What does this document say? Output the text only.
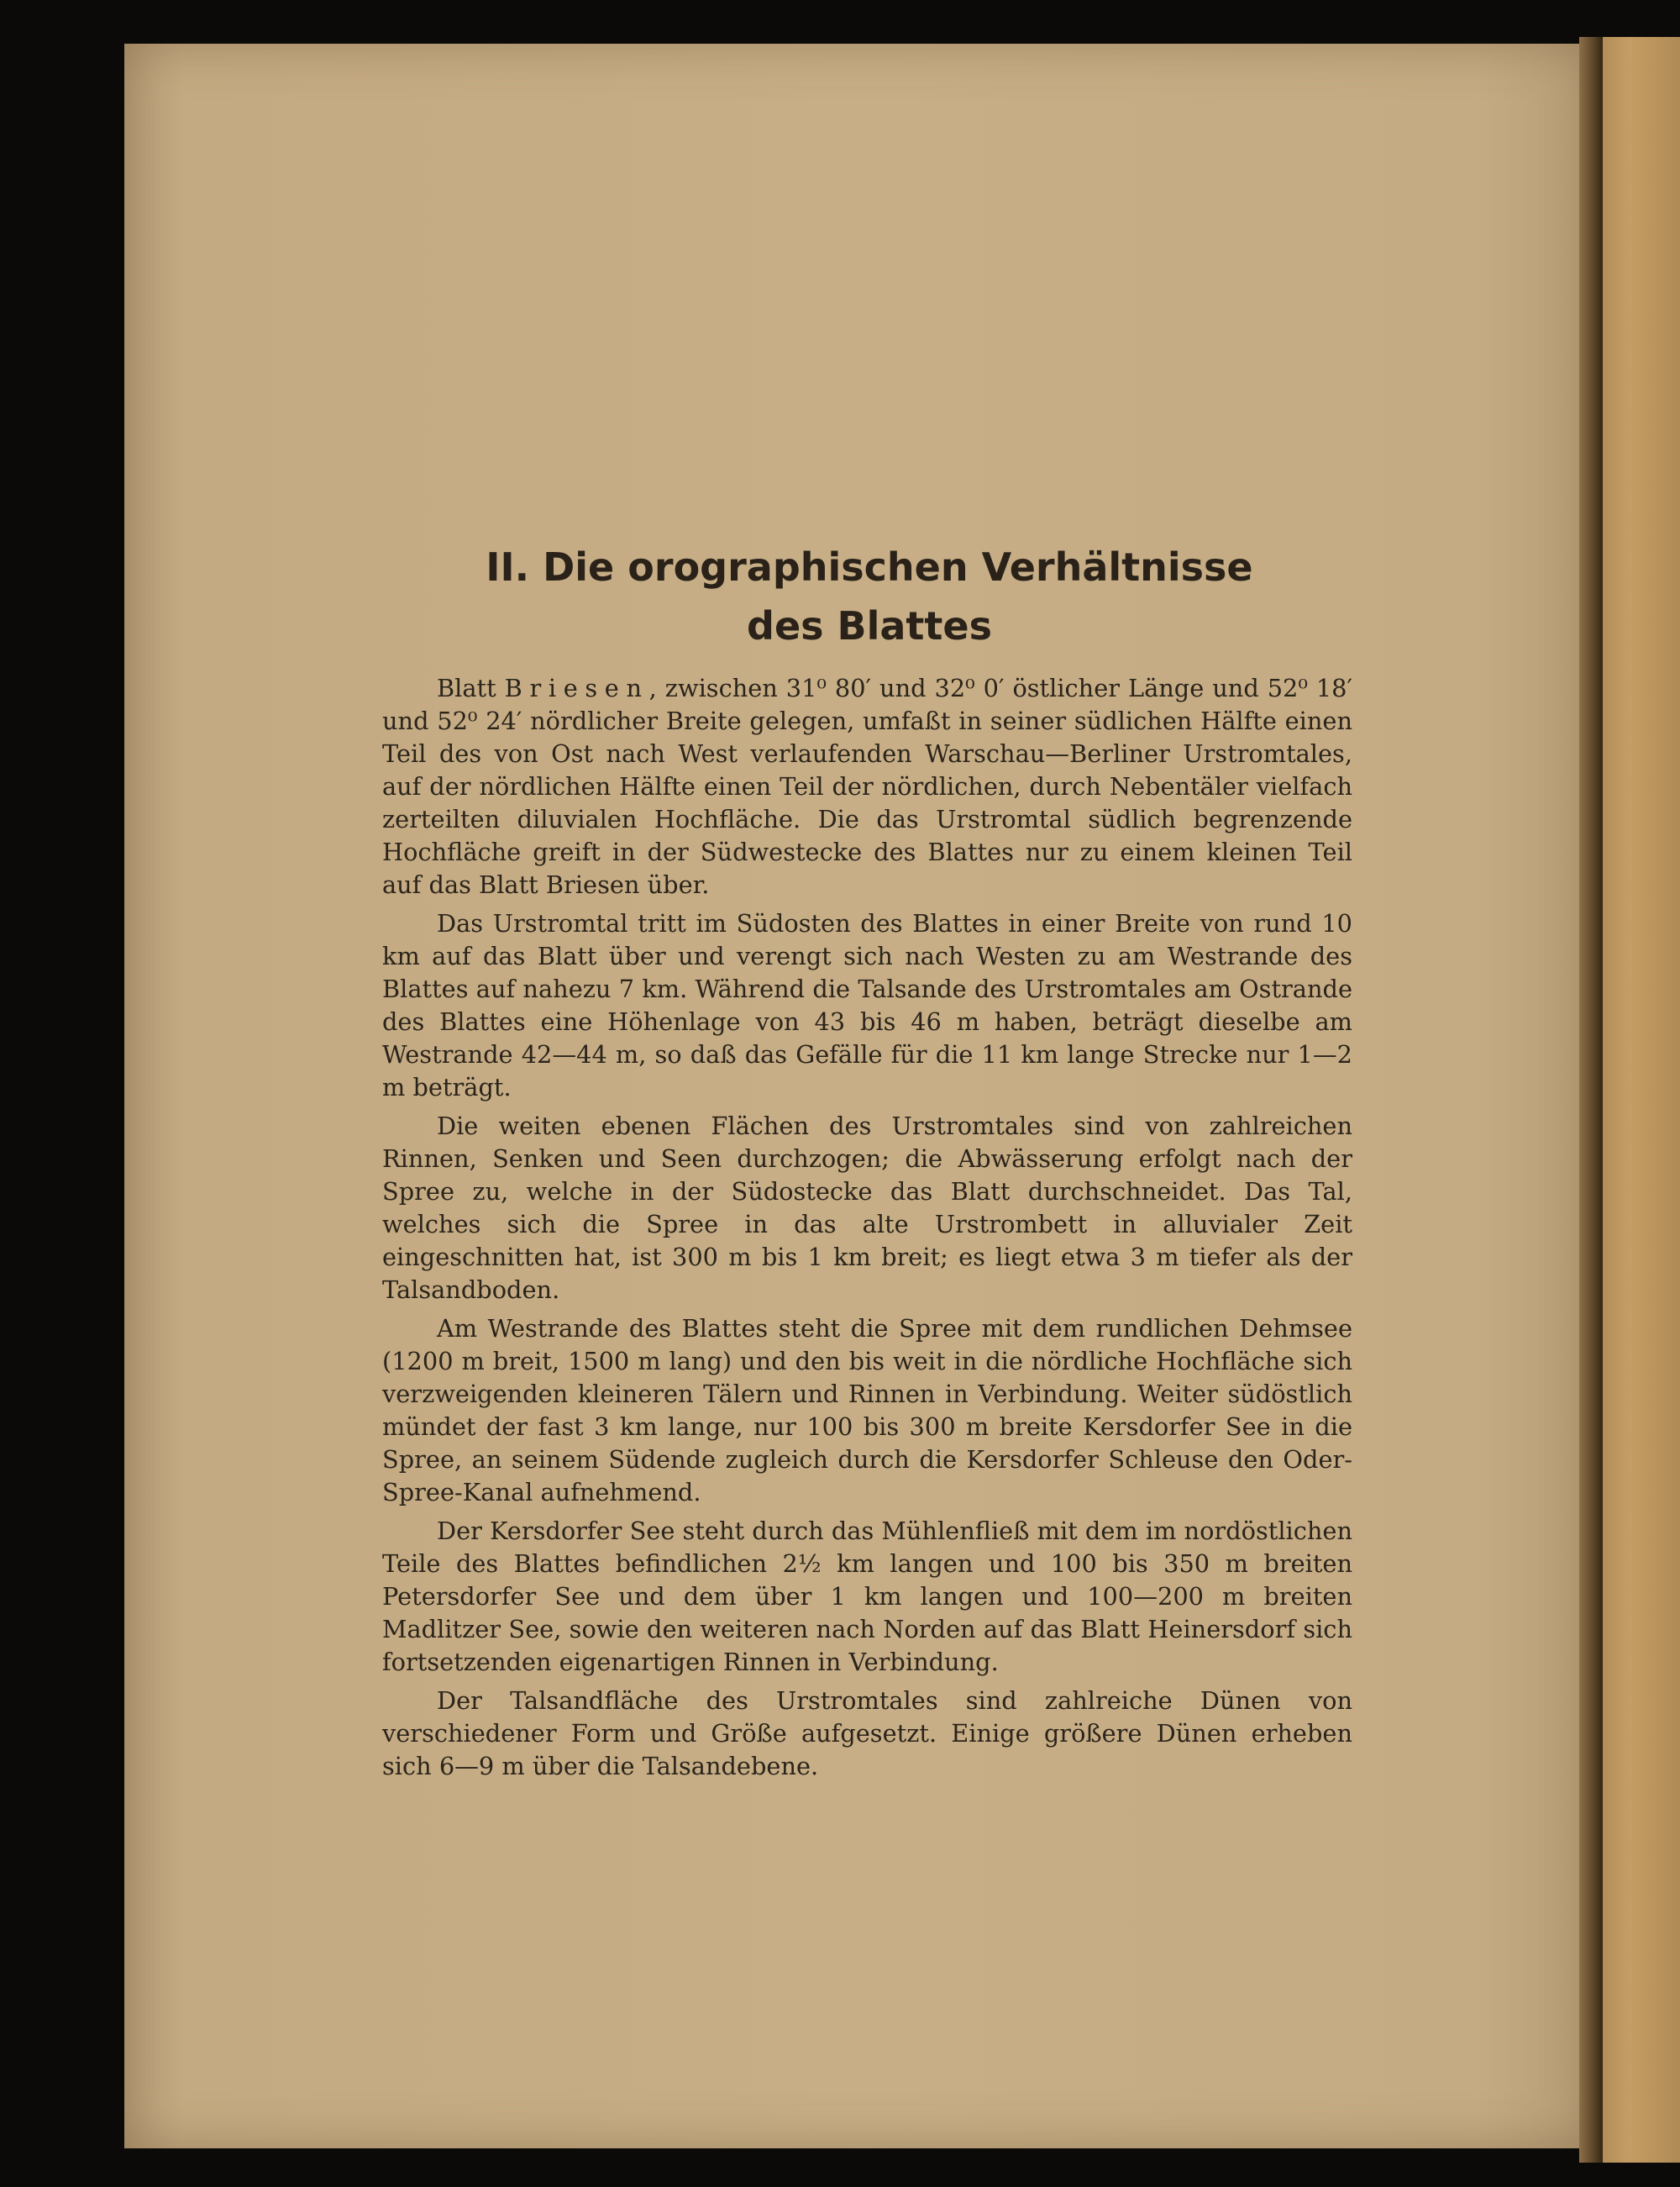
II. Die orographischen Verhältnisse
des Blattes

Blatt Briesen, zwischen 31⁰ 80′ und 32⁰ 0′ östlicher Länge und 52⁰ 18′ und 52⁰ 24′ nördlicher Breite gelegen, umfaßt in seiner südlichen Hälfte einen Teil des von Ost nach West verlaufenden Warschau—Berliner Urstromtales, auf der nördlichen Hälfte einen Teil der nördlichen, durch Nebentäler vielfach zerteilten diluvialen Hochfläche. Die das Urstromtal südlich begrenzende Hochfläche greift in der Südwestecke des Blattes nur zu einem kleinen Teil auf das Blatt Briesen über.

Das Urstromtal tritt im Südosten des Blattes in einer Breite von rund 10 km auf das Blatt über und verengt sich nach Westen zu am Westrande des Blattes auf nahezu 7 km. Während die Talsande des Urstromtales am Ostrande des Blattes eine Höhenlage von 43 bis 46 m haben, beträgt dieselbe am Westrande 42—44 m, so daß das Gefälle für die 11 km lange Strecke nur 1—2 m beträgt.

Die weiten ebenen Flächen des Urstromtales sind von zahlreichen Rinnen, Senken und Seen durchzogen; die Abwässerung erfolgt nach der Spree zu, welche in der Südostecke das Blatt durchschneidet. Das Tal, welches sich die Spree in das alte Urstrombett in alluvialer Zeit eingeschnitten hat, ist 300 m bis 1 km breit; es liegt etwa 3 m tiefer als der Talsandboden.

Am Westrande des Blattes steht die Spree mit dem rundlichen Dehmsee (1200 m breit, 1500 m lang) und den bis weit in die nördliche Hochfläche sich verzweigenden kleineren Tälern und Rinnen in Verbindung. Weiter südöstlich mündet der fast 3 km lange, nur 100 bis 300 m breite Kersdorfer See in die Spree, an seinem Südende zugleich durch die Kersdorfer Schleuse den Oder-Spree-Kanal aufnehmend.

Der Kersdorfer See steht durch das Mühlenfließ mit dem im nordöstlichen Teile des Blattes befindlichen 2½ km langen und 100 bis 350 m breiten Petersdorfer See und dem über 1 km langen und 100—200 m breiten Madlitzer See, sowie den weiteren nach Norden auf das Blatt Heinersdorf sich fortsetzenden eigenartigen Rinnen in Verbindung.

Der Talsandfläche des Urstromtales sind zahlreiche Dünen von verschiedener Form und Größe aufgesetzt. Einige größere Dünen erheben sich 6—9 m über die Talsandebene.
